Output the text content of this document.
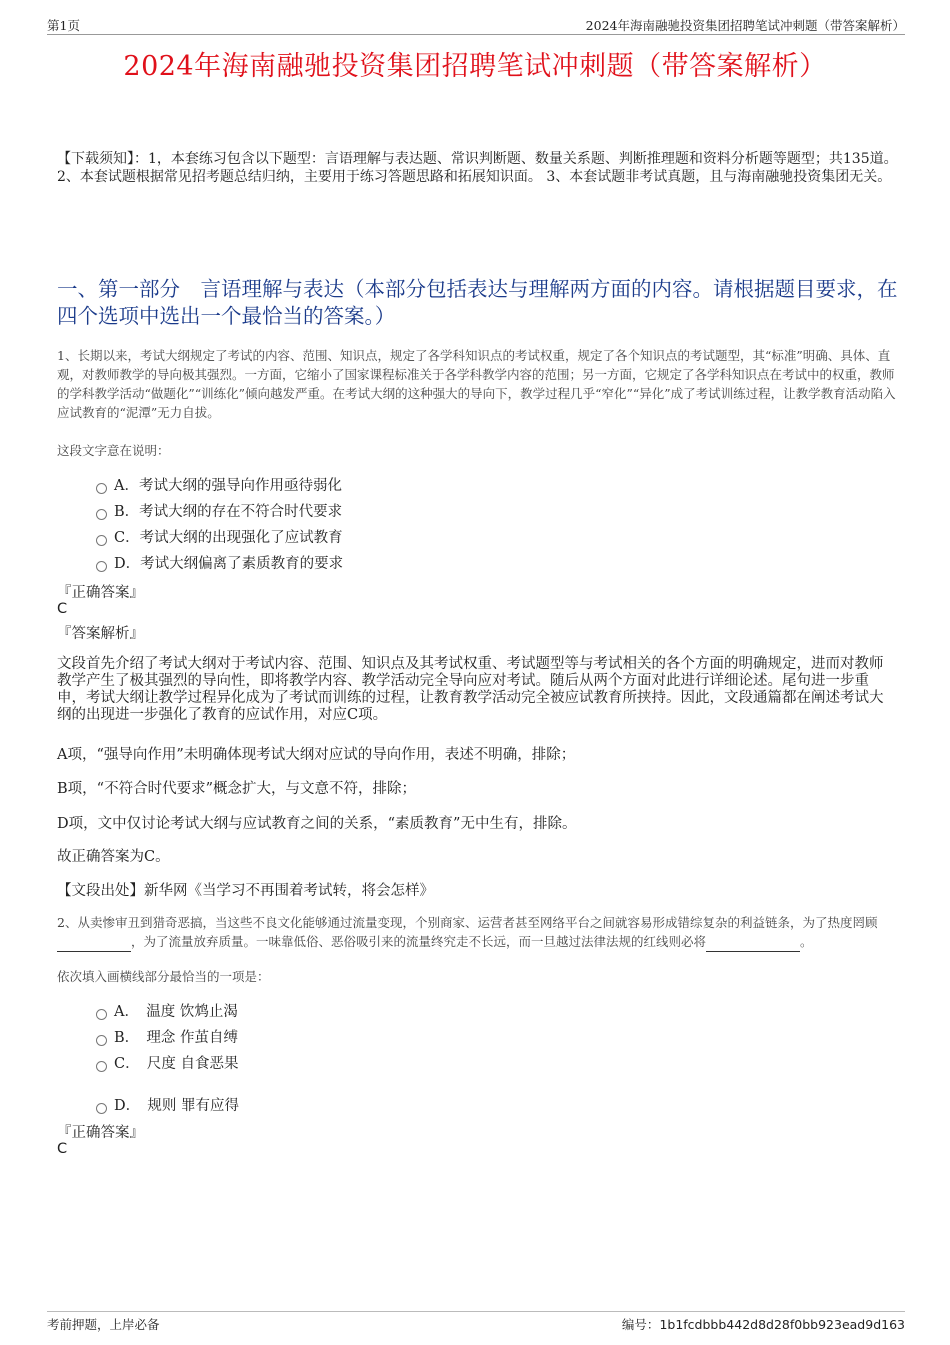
第1页	2024年海南融驰投资集团招聘笔试冲刺题（带答案解析）
2024年海南融驰投资集团招聘笔试冲刺题（带答案解析）
【下载须知】：1，本套练习包含以下题型：言语理解与表达题、常识判断题、数量关系题、判断推理题和资料分析题等题型；共135道。 2、本套试题根据常见招考题总结归纳，主要用于练习答题思路和拓展知识面。 3、本套试题非考试真题，且与海南融驰投资集团无关。
一、第一部分　言语理解与表达（本部分包括表达与理解两方面的内容。请根据题目要求，在四个选项中选出一个最恰当的答案。）
1、长期以来，考试大纲规定了考试的内容、范围、知识点，规定了各学科知识点的考试权重，规定了各个知识点的考试题型，其“标准”明确、具体、直观，对教师教学的导向极其强烈。一方面，它缩小了国家课程标准关于各学科教学内容的范围；另一方面，它规定了各学科知识点在考试中的权重，教师的学科教学活动“做题化”“训练化”倾向越发严重。在考试大纲的这种强大的导向下，教学过程几乎“窄化”“异化”成了考试训练过程，让教学教育活动陷入应试教育的“泥潭”无力自拔。
这段文字意在说明：
A．考试大纲的强导向作用亟待弱化
B．考试大纲的存在不符合时代要求
C．考试大纲的出现强化了应试教育
D．考试大纲偏离了素质教育的要求
『正确答案』
C
『答案解析』
文段首先介绍了考试大纲对于考试内容、范围、知识点及其考试权重、考试题型等与考试相关的各个方面的明确规定，进而对教师教学产生了极其强烈的导向性，即将教学内容、教学活动完全导向应对考试。随后从两个方面对此进行详细论述。尾句进一步重申，考试大纲让教学过程异化成为了考试而训练的过程，让教育教学活动完全被应试教育所挟持。因此，文段通篇都在阐述考试大纲的出现进一步强化了教育的应试作用，对应C项。
A项，“强导向作用”未明确体现考试大纲对应试的导向作用，表述不明确，排除；
B项，“不符合时代要求”概念扩大，与文意不符，排除；
D项，文中仅讨论考试大纲与应试教育之间的关系，“素质教育”无中生有，排除。
故正确答案为C。
【文段出处】新华网《当学习不再围着考试转，将会怎样》
2、从卖惨审丑到猎奇恶搞，当这些不良文化能够通过流量变现，个别商家、运营者甚至网络平台之间就容易形成错综复杂的利益链条，为了热度罔顾 ，为了流量放弃质量。一味靠低俗、恶俗吸引来的流量终究走不长远，而一旦越过法律法规的红线则必将	。
依次填入画横线部分最恰当的一项是：
A．　温度 饮鸩止渴
B．　理念 作茧自缚
C．　尺度 自食恶果
D．　规则 罪有应得
『正确答案』
C
考前押题，上岸必备	编号：1b1fcdbbb442d8d28f0bb923ead9d163
